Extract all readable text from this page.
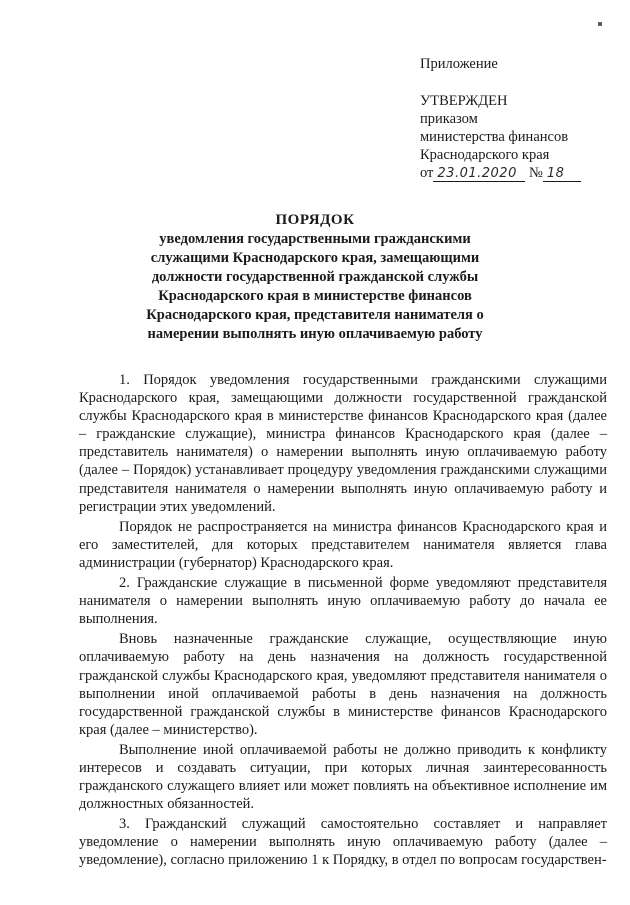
Приложение
УТВЕРЖДЕН
приказом
министерства финансов
Краснодарского края
от 23.01.2020 № 18
ПОРЯДОК
уведомления государственными гражданскими
служащими Краснодарского края, замещающими
должности государственной гражданской службы
Краснодарского края в министерстве финансов
Краснодарского края, представителя нанимателя о
намерении выполнять иную оплачиваемую работу

1. Порядок уведомления государственными гражданскими служащими Краснодарского края, замещающими должности государственной гражданской службы Краснодарского края в министерстве финансов Краснодарского края (далее – гражданские служащие), министра финансов Краснодарского края (далее – представитель нанимателя) о намерении выполнять иную оплачиваемую работу (далее – Порядок) устанавливает процедуру уведомления гражданскими служащими представителя нанимателя о намерении выполнять иную оплачиваемую работу и регистрации этих уведомлений.

Порядок не распространяется на министра финансов Краснодарского края и его заместителей, для которых представителем нанимателя является глава администрации (губернатор) Краснодарского края.

2. Гражданские служащие в письменной форме уведомляют представителя нанимателя о намерении выполнять иную оплачиваемую работу до начала ее выполнения.

Вновь назначенные гражданские служащие, осуществляющие иную оплачиваемую работу на день назначения на должность государственной гражданской службы Краснодарского края, уведомляют представителя нанимателя о выполнении иной оплачиваемой работы в день назначения на должность государственной гражданской службы в министерстве финансов Краснодарского края (далее – министерство).

Выполнение иной оплачиваемой работы не должно приводить к конфликту интересов и создавать ситуации, при которых личная заинтересованность гражданского служащего влияет или может повлиять на объективное исполнение им должностных обязанностей.

3. Гражданский служащий самостоятельно составляет и направляет уведомление о намерении выполнять иную оплачиваемую работу (далее – уведомление), согласно приложению 1 к Порядку, в отдел по вопросам государствен-
